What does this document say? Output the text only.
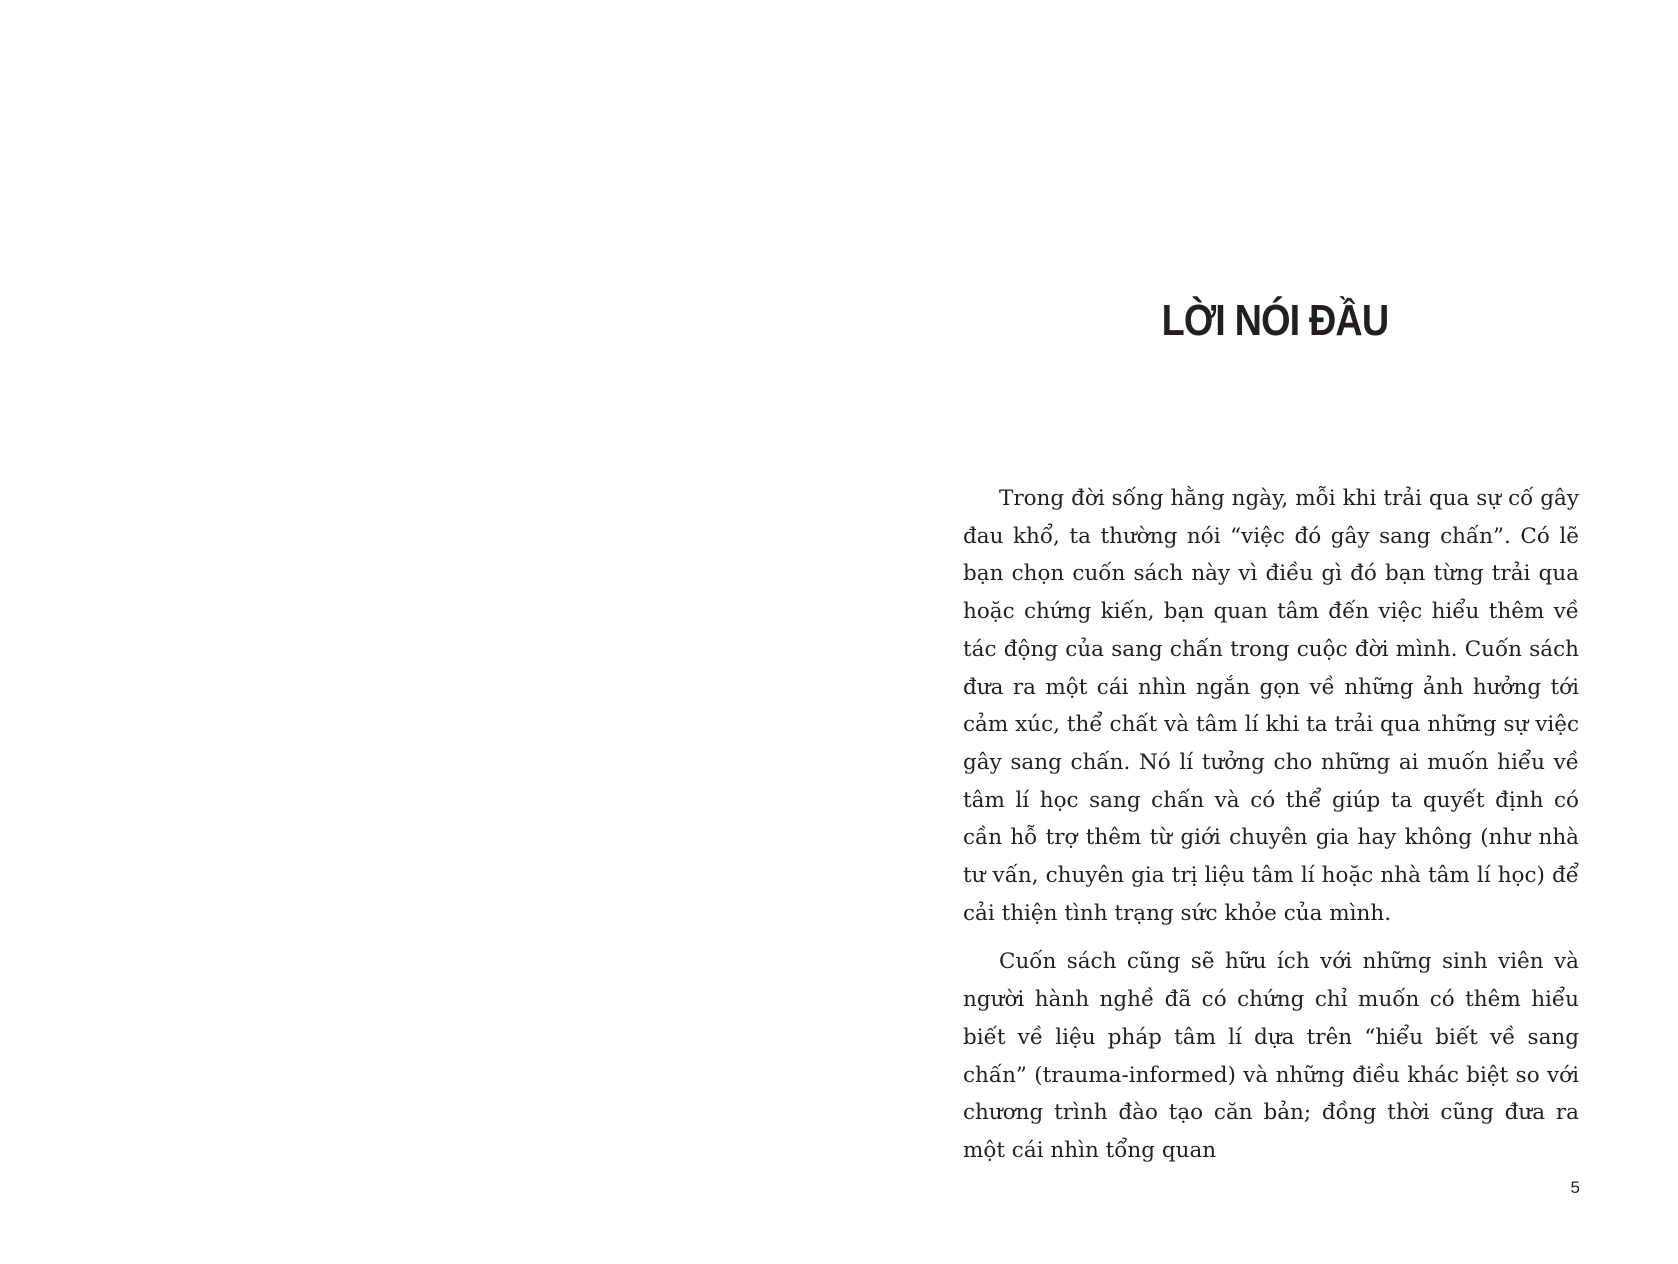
LỜI NÓI ĐẦU

Trong đời sống hằng ngày, mỗi khi trải qua sự cố gây đau khổ, ta thường nói “việc đó gây sang chấn”. Có lẽ bạn chọn cuốn sách này vì điều gì đó bạn từng trải qua hoặc chứng kiến, bạn quan tâm đến việc hiểu thêm về tác động của sang chấn trong cuộc đời mình. Cuốn sách đưa ra một cái nhìn ngắn gọn về những ảnh hưởng tới cảm xúc, thể chất và tâm lí khi ta trải qua những sự việc gây sang chấn. Nó lí tưởng cho những ai muốn hiểu về tâm lí học sang chấn và có thể giúp ta quyết định có cần hỗ trợ thêm từ giới chuyên gia hay không (như nhà tư vấn, chuyên gia trị liệu tâm lí hoặc nhà tâm lí học) để cải thiện tình trạng sức khỏe của mình.

Cuốn sách cũng sẽ hữu ích với những sinh viên và người hành nghề đã có chứng chỉ muốn có thêm hiểu biết về liệu pháp tâm lí dựa trên “hiểu biết về sang chấn” (trauma-informed) và những điều khác biệt so với chương trình đào tạo căn bản; đồng thời cũng đưa ra một cái nhìn tổng quan

5
